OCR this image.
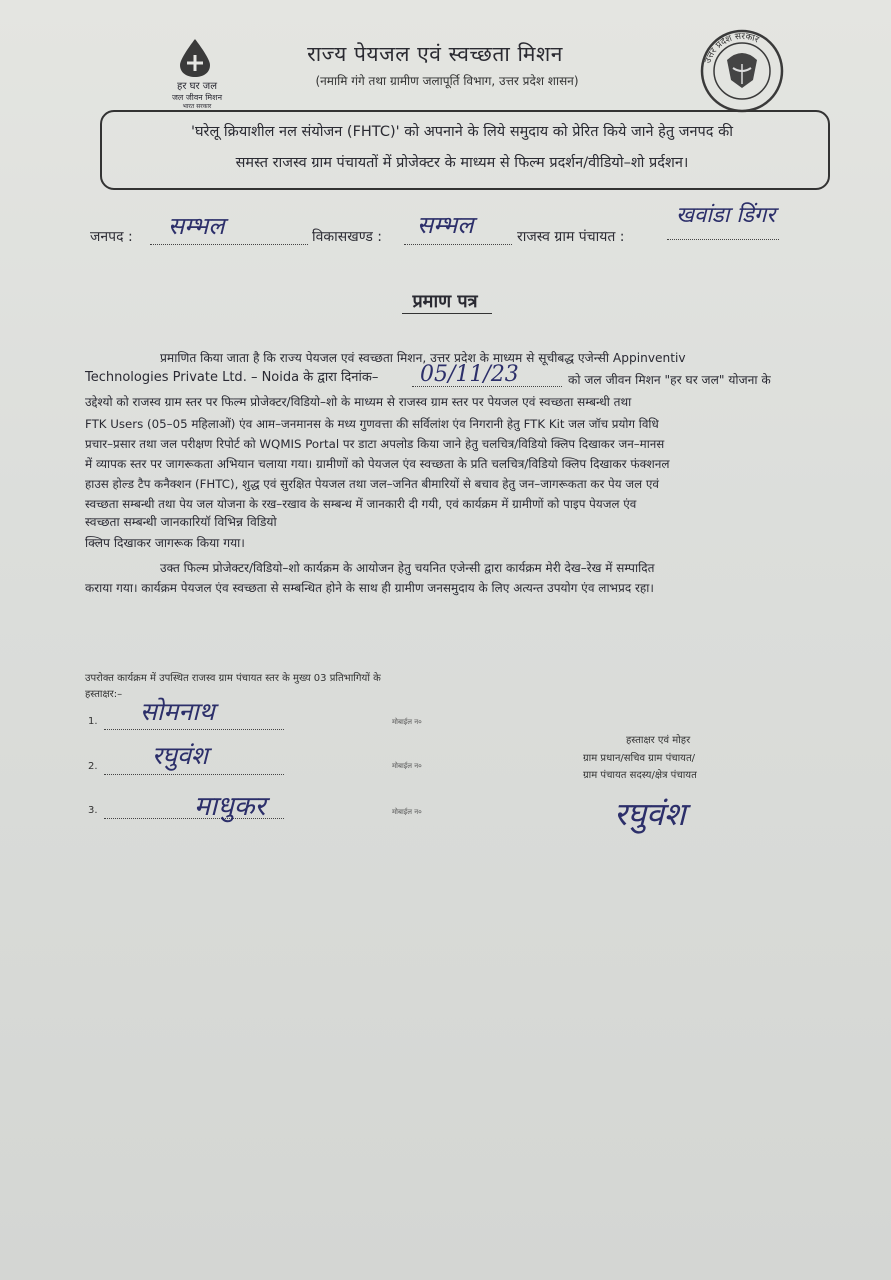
हर घर जल
जल जीवन मिशन
भारत सरकार
राज्य पेयजल एवं स्वच्छता मिशन
(नमामि गंगे तथा ग्रामीण जलापूर्ति विभाग, उत्तर प्रदेश शासन)
उत्तर प्रदेश सरकार
'घरेलू क्रियाशील नल संयोजन (FHTC)' को अपनाने के लिये समुदाय को प्रेरित किये जाने हेतु जनपद की
समस्त राजस्व ग्राम पंचायतों में प्रोजेक्टर के माध्यम से फिल्म प्रदर्शन/वीडियो–शो प्रर्दशन।
जनपद : सम्भल	विकासखण्ड : सम्भल	राजस्व ग्राम पंचायत :
खवांडा डिंगर
प्रमाण पत्र
प्रमाणित किया जाता है कि राज्य पेयजल एवं स्वच्छता मिशन, उत्तर प्रदेश के माध्यम से सूचीबद्ध एजेन्सी Appinventiv
Technologies Private Ltd. – Noida के द्वारा दिनांक– 05/11/23	को जल जीवन मिशन "हर घर जल" योजना के
उद्देश्यो को राजस्व ग्राम स्तर पर फिल्म प्रोजेक्टर/विडियो–शो के माध्यम से राजस्व ग्राम स्तर पर पेयजल एवं स्वच्छता सम्बन्धी तथा
FTK Users (05–05 महिलाओं) एंव आम–जनमानस के मध्य गुणवत्ता की सर्विलांश एंव निगरानी हेतु FTK Kit जल जॉच प्रयोग विधि
प्रचार–प्रसार तथा जल परीक्षण रिपोर्ट को WQMIS Portal पर डाटा अपलोड किया जाने हेतु चलचित्र/विडियो क्लिप दिखाकर जन–मानस
में व्यापक स्तर पर जागरूकता अभियान चलाया गया। ग्रामीणों को पेयजल एंव स्वच्छता के प्रति चलचित्र/विडियो क्लिप दिखाकर फंक्शनल
हाउस होल्ड टैप कनैक्शन (FHTC), शुद्ध एवं सुरक्षित पेयजल तथा जल–जनित बीमारियों से बचाव हेतु जन–जागरूकता कर पेय जल एवं
स्वच्छता सम्बन्धी तथा पेय जल योजना के रख–रखाव के सम्बन्ध में जानकारी दी गयी, एवं कार्यक्रम में ग्रामीणों को पाइप पेयजल एंव
स्वच्छता सम्बन्धी जानकारियॉ विभिन्न विडियो
क्लिप दिखाकर जागरूक किया गया।
उक्त फिल्म प्रोजेक्टर/विडियो–शो कार्यक्रम के आयोजन हेतु चयनित एजेन्सी द्वारा कार्यक्रम मेरी देख–रेख में सम्पादित
कराया गया। कार्यक्रम पेयजल एंव स्वच्छता से सम्बन्धित होने के साथ ही ग्रामीण जनसमुदाय के लिए अत्यन्त उपयोग एंव लाभप्रद रहा।
उपरोक्त कार्यक्रम में उपस्थित राजस्व ग्राम पंचायत स्तर के मुख्य 03 प्रतिभागियों के
हस्ताक्षर:–
1. सोमनाथ	मोबाईल न०
2. रघुवंश	मोबाईल न०
3.	माधुकर	मोबाईल न०
हस्ताक्षर एवं मोहर
ग्राम प्रधान/सचिव ग्राम पंचायत/
ग्राम पंचायत सदस्य/क्षेत्र पंचायत
रघुवंश
